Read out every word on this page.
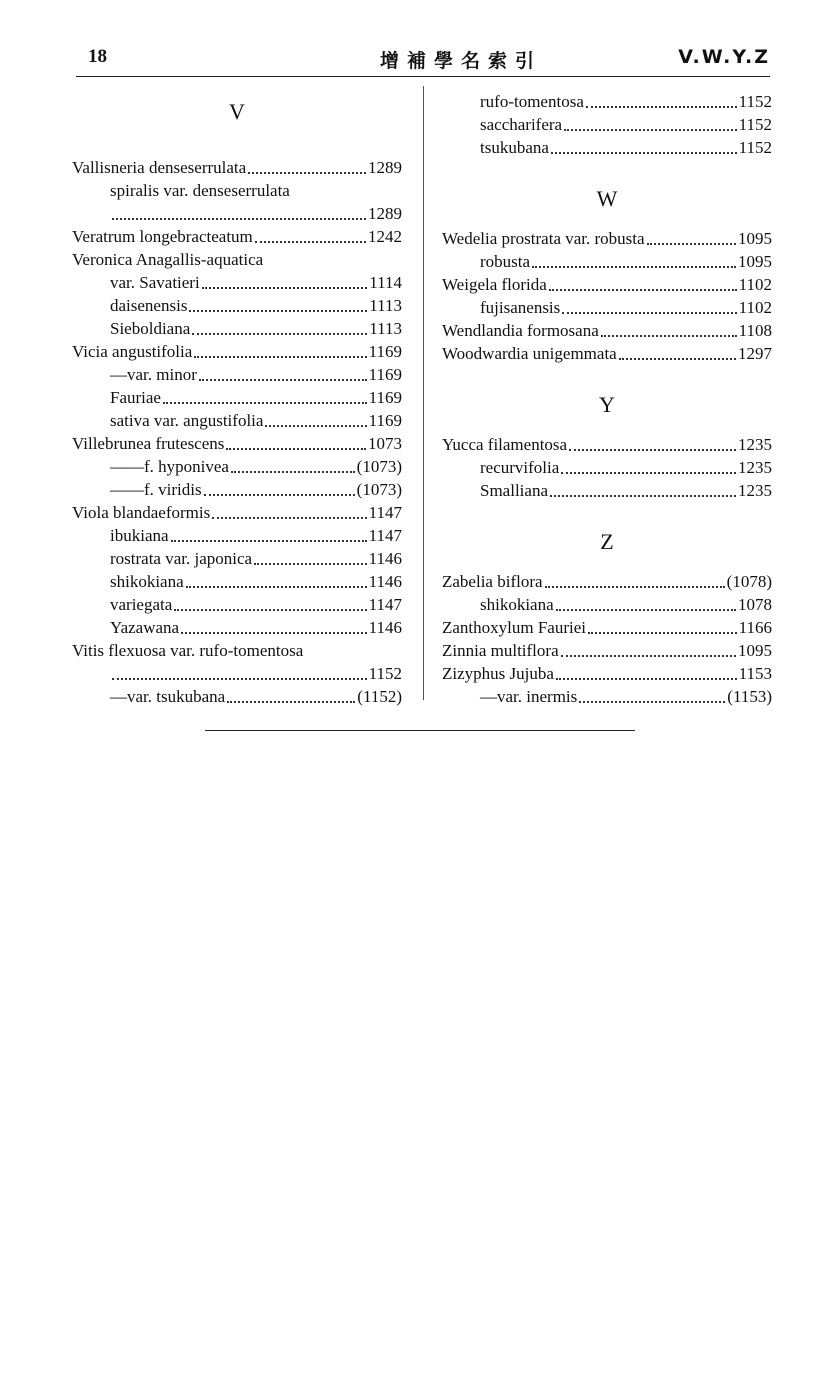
18	增補學名索引	V.W.Y.Z
V
Vallisneria denseserrulata	1289
spiralis var. denseserrulata
1289
Veratrum longebracteatum	1242
Veronica Anagallis-aquatica
var. Savatieri	1114
daisenensis	1113
Sieboldiana	1113
Vicia angustifolia	1169
—var. minor	1169
Fauriae	1169
sativa var. angustifolia	1169
Villebrunea frutescens	1073
——f. hyponivea	(1073)
——f. viridis	(1073)
Viola blandaeformis	1147
ibukiana	1147
rostrata var. japonica	1146
shikokiana	1146
variegata	1147
Yazawana	1146
Vitis flexuosa var. rufo-tomentosa
1152
—var. tsukubana	(1152)
rufo-tomentosa	1152
saccharifera	1152
tsukubana	1152
W
Wedelia prostrata var. robusta	1095
robusta	1095
Weigela florida	1102
fujisanensis	1102
Wendlandia formosana	1108
Woodwardia unigemmata	1297
Y
Yucca filamentosa	1235
recurvifolia	1235
Smalliana	1235
Z
Zabelia biflora	(1078)
shikokiana	1078
Zanthoxylum Fauriei	1166
Zinnia multiflora	1095
Zizyphus Jujuba	1153
—var. inermis	(1153)
